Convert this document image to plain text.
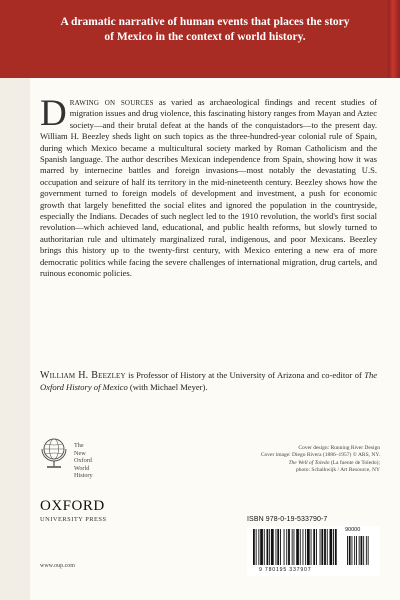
A dramatic narrative of human events that places the story of Mexico in the context of world history.
Drawing on sources as varied as archaeological findings and recent studies of migration issues and drug violence, this fascinating history ranges from Mayan and Aztec society—and their brutal defeat at the hands of the conquistadors—to the present day. William H. Beezley sheds light on such topics as the three-hundred-year colonial rule of Spain, during which Mexico became a multicultural society marked by Roman Catholicism and the Spanish language. The author describes Mexican independence from Spain, showing how it was marred by internecine battles and foreign invasions—most notably the devastating U.S. occupation and seizure of half its territory in the mid-nineteenth century. Beezley shows how the government turned to foreign models of development and investment, a push for economic growth that largely benefitted the social elites and ignored the population in the countryside, especially the Indians. Decades of such neglect led to the 1910 revolution, the world's first social revolution—which achieved land, educational, and public health reforms, but slowly turned to authoritarian rule and ultimately marginalized rural, indigenous, and poor Mexicans. Beezley brings this history up to the twenty-first century, with Mexico entering a new era of more democratic politics while facing the severe challenges of international migration, drug cartels, and ruinous economic policies.
William H. Beezley is Professor of History at the University of Arizona and co-editor of The Oxford History of Mexico (with Michael Meyer).
The
New
Oxford
World
History
Cover design: Running River Design
Cover image: Diego Rivera (1886–1957) © ARS, NY.
The Well of Toledo (La fuente de Toledo);
photo: Schalkwijk / Art Resource, NY
OXFORD
UNIVERSITY PRESS
www.oup.com
ISBN 978-0-19-533790-7
9 780195 337907
90000
